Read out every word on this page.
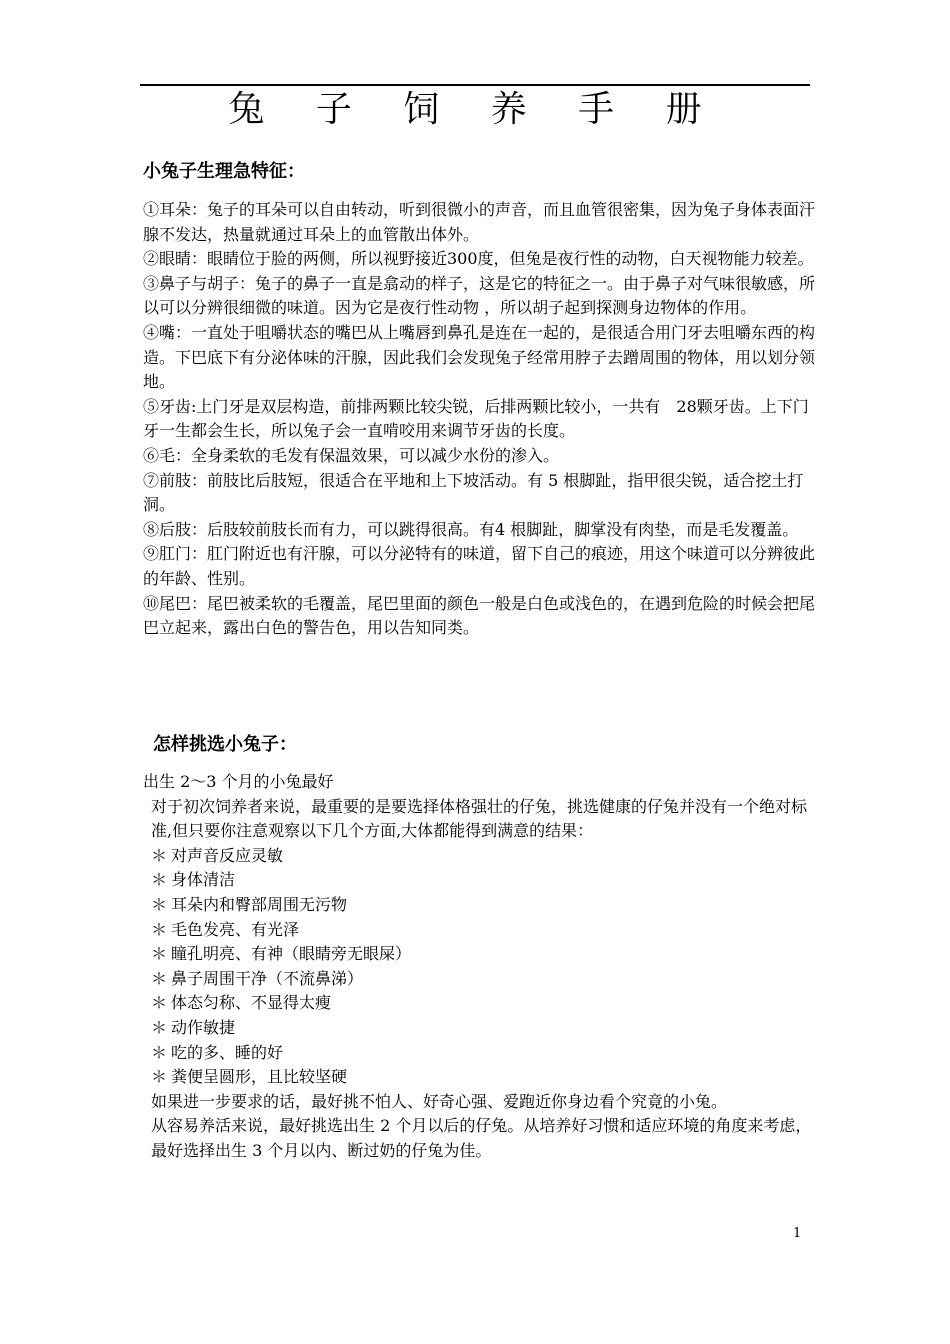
兔 子 饲 养 手 册
小兔子生理急特征：

①耳朵：兔子的耳朵可以自由转动，听到很微小的声音，而且血管很密集，因为兔子身体表面汗腺不发达，热量就通过耳朵上的血管散出体外。

②眼睛：眼睛位于脸的两侧，所以视野接近300度，但兔是夜行性的动物，白天视物能力较差。

③鼻子与胡子：兔子的鼻子一直是翕动的样子，这是它的特征之一。由于鼻子对气味很敏感，所以可以分辨很细微的味道。因为它是夜行性动物 ，所以胡子起到探测身边物体的作用。

④嘴：一直处于咀嚼状态的嘴巴从上嘴唇到鼻孔是连在一起的，是很适合用门牙去咀嚼东西的构造。下巴底下有分泌体味的汗腺，因此我们会发现兔子经常用脖子去蹭周围的物体，用以划分领地。

⑤牙齿:上门牙是双层构造，前排两颗比较尖锐，后排两颗比较小，一共有　28颗牙齿。上下门牙一生都会生长，所以兔子会一直啃咬用来调节牙齿的长度。

⑥毛：全身柔软的毛发有保温效果，可以减少水份的渗入。

⑦前肢：前肢比后肢短，很适合在平地和上下坡活动。有 5 根脚趾，指甲很尖锐，适合挖土打洞。

⑧后肢：后肢较前肢长而有力，可以跳得很高。有4 根脚趾，脚掌没有肉垫，而是毛发覆盖。

⑨肛门：肛门附近也有汗腺，可以分泌特有的味道，留下自己的痕迹，用这个味道可以分辨彼此的年龄、性别。

⑩尾巴：尾巴被柔软的毛覆盖，尾巴里面的颜色一般是白色或浅色的，在遇到危险的时候会把尾巴立起来，露出白色的警告色，用以告知同类。

怎样挑选小兔子：

出生 2～3 个月的小兔最好

对于初次饲养者来说，最重要的是要选择体格强壮的仔兔，挑选健康的仔兔并没有一个绝对标准,但只要你注意观察以下几个方面,大体都能得到满意的结果：

＊ 对声音反应灵敏
＊ 身体清洁
＊ 耳朵内和臀部周围无污物
＊ 毛色发亮、有光泽
＊ 瞳孔明亮、有神（眼睛旁无眼屎）
＊ 鼻子周围干净（不流鼻涕）
＊ 体态匀称、不显得太瘦
＊ 动作敏捷
＊ 吃的多、睡的好
＊ 粪便呈圆形，且比较坚硬

如果进一步要求的话，最好挑不怕人、好奇心强、爱跑近你身边看个究竟的小兔。

从容易养活来说，最好挑选出生 2 个月以后的仔兔。从培养好习惯和适应环境的角度来考虑，最好选择出生 3 个月以内、断过奶的仔兔为佳。

1
